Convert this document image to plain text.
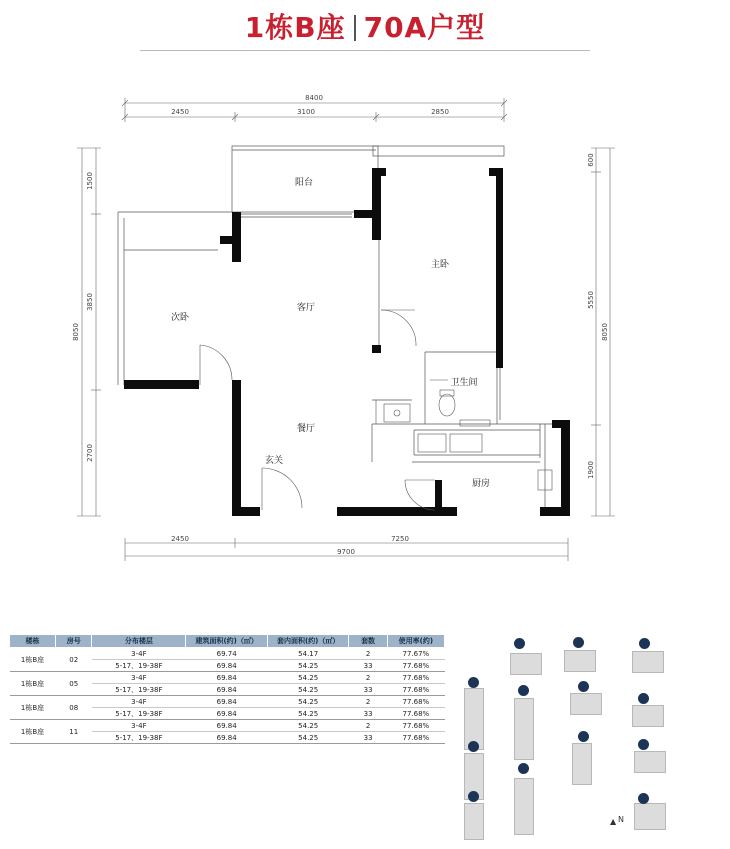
1栋B座 70A户型
8400
2450	3100	2850
8050
1500
3850
2700
600
5550
1900
8050
2450	7250
9700
阳台
主卧
客厅
次卧
卫生间
餐厅
玄关
厨房
楼栋	房号	分布楼层	建筑面积(约)（㎡）	套内面积(约)（㎡）	套数	使用率(约)
1栋B座	02	3-4F	69.74	54.17	2	77.67%
		5-17、19-38F	69.84	54.25	33	77.68%
1栋B座	05	3-4F	69.84	54.25	2	77.68%
		5-17、19-38F	69.84	54.25	33	77.68%
1栋B座	08	3-4F	69.84	54.25	2	77.68%
		5-17、19-38F	69.84	54.25	33	77.68%
1栋B座	11	3-4F	69.84	54.25	2	77.68%
		5-17、19-38F	69.84	54.25	33	77.68%
▲ N
